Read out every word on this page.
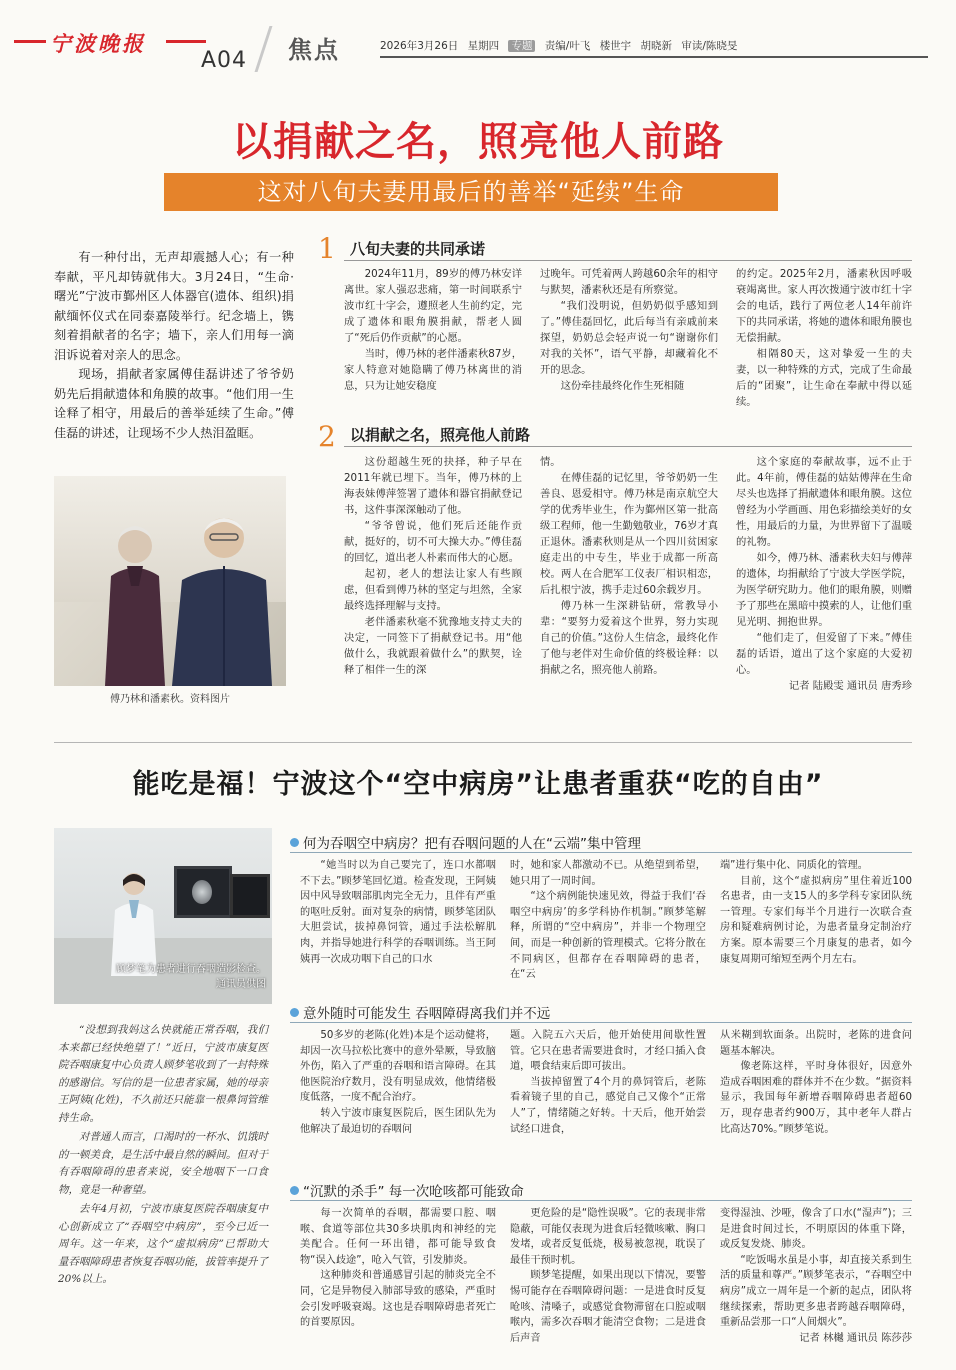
宁波晚报
A04 焦点	2026年3月26日 星期四 专题 责编/叶飞 楼世宇 胡晓新 审读/陈晓旻
以捐献之名，照亮他人前路
这对八旬夫妻用最后的善举“延续”生命

有一种付出，无声却震撼人心；有一种奉献，平凡却铸就伟大。3月24日，“生命·曙光”宁波市鄞州区人体器官(遗体、组织)捐献缅怀仪式在同泰嘉陵举行。纪念墙上，镌刻着捐献者的名字；墙下，亲人们用每一滴泪诉说着对亲人的思念。

现场，捐献者家属傅佳磊讲述了爷爷奶奶先后捐献遗体和角膜的故事。“他们用一生诠释了相守，用最后的善举延续了生命。”傅佳磊的讲述，让现场不少人热泪盈眶。

傅乃林和潘素秋。资料图片
1 八旬夫妻的共同承诺

2024年11月，89岁的傅乃林安详离世。家人强忍悲痛，第一时间联系宁波市红十字会，遵照老人生前约定，完成了遗体和眼角膜捐献，帮老人圆了“死后仍作贡献”的心愿。

当时，傅乃林的老伴潘素秋87岁，家人特意对她隐瞒了傅乃林离世的消息，只为让她安稳度

过晚年。可凭着两人跨越60余年的相守与默契，潘素秋还是有所察觉。

“我们没明说，但奶奶似乎感知到了。”傅佳磊回忆，此后每当有亲戚前来探望，奶奶总会轻声说一句“谢谢你们对我的关怀”，语气平静，却藏着化不开的思念。

这份牵挂最终化作生死相随

的约定。2025年2月，潘素秋因呼吸衰竭离世。家人再次拨通宁波市红十字会的电话，践行了两位老人14年前许下的共同承诺，将她的遗体和眼角膜也无偿捐献。

相隔80天，这对挚爱一生的夫妻，以一种特殊的方式，完成了生命最后的“团聚”，让生命在奉献中得以延续。

2 以捐献之名，照亮他人前路

这份超越生死的抉择，种子早在2011年就已埋下。当年，傅乃林的上海表妹傅萍签署了遗体和器官捐献登记书，这件事深深触动了他。

“爷爷曾说，他们死后还能作贡献，挺好的，切不可大操大办。”傅佳磊的回忆，道出老人朴素而伟大的心愿。

起初，老人的想法让家人有些顾虑，但看到傅乃林的坚定与坦然，全家最终选择理解与支持。

老伴潘素秋毫不犹豫地支持丈夫的决定，一同签下了捐献登记书。用“他做什么，我就跟着做什么”的默契，诠释了相伴一生的深

情。

在傅佳磊的记忆里，爷爷奶奶一生善良、恩爱相守。傅乃林是南京航空大学的优秀毕业生，作为鄞州区第一批高级工程师，他一生勤勉敬业，76岁才真正退休。潘素秋则是从一个四川贫困家庭走出的中专生，毕业于成都一所高校。两人在合肥军工仪表厂相识相恋，后扎根宁波，携手走过60余载岁月。

傅乃林一生深耕钻研，常教导小辈：“要努力爱着这个世界，努力实现自己的价值。”这份人生信念，最终化作了他与老伴对生命价值的终极诠释：以捐献之名，照亮他人前路。

这个家庭的奉献故事，远不止于此。4年前，傅佳磊的姑姑傅萍在生命尽头也选择了捐献遗体和眼角膜。这位曾经为小学画画、用色彩描绘美好的女性，用最后的力量，为世界留下了温暖的礼物。

如今，傅乃林、潘素秋夫妇与傅萍的遗体，均捐献给了宁波大学医学院，为医学研究助力。他们的眼角膜，则赠予了那些在黑暗中摸索的人，让他们重见光明、拥抱世界。

“他们走了，但爱留了下来。”傅佳磊的话语，道出了这个家庭的大爱初心。

记者 陆殿雯 通讯员 唐秀珍

能吃是福！宁波这个“空中病房”让患者重获“吃的自由”
顾梦笔为患者进行吞咽造影检查。
通讯员供图

“没想到我妈这么快就能正常吞咽，我们本来都已经快绝望了！”近日，宁波市康复医院吞咽康复中心负责人顾梦笔收到了一封特殊的感谢信。写信的是一位患者家属，她的母亲王阿姨(化姓)，不久前还只能靠一根鼻饲管维持生命。

对普通人而言，口渴时的一杯水、饥饿时的一顿美食，是生活中最自然的瞬间。但对于有吞咽障碍的患者来说，安全地咽下一口食物，竟是一种奢望。

去年4月初，宁波市康复医院吞咽康复中心创新成立了“吞咽空中病房”，至今已近一周年。这一年来，这个“虚拟病房”已帮助大量吞咽障碍患者恢复吞咽功能，拔管率提升了20%以上。

何为吞咽空中病房？把有吞咽问题的人在“云端”集中管理

“她当时以为自己要完了，连口水都咽不下去。”顾梦笔回忆道。检查发现，王阿姨因中风导致咽部肌肉完全无力，且伴有严重的呕吐反射。面对复杂的病情，顾梦笔团队大胆尝试，拔掉鼻饲管，通过手法松解肌肉，并指导她进行科学的吞咽训练。当王阿姨再一次成功咽下自己的口水

时，她和家人都激动不已。从绝望到希望，她只用了一周时间。

“这个病例能快速见效，得益于我们‘吞咽空中病房’的多学科协作机制。”顾梦笔解释，所谓的“空中病房”，并非一个物理空间，而是一种创新的管理模式。它将分散在不同病区，但都存在吞咽障碍的患者，在“云

端”进行集中化、同质化的管理。

目前，这个“虚拟病房”里住着近100名患者，由一支15人的多学科专家团队统一管理。专家们每半个月进行一次联合查房和疑难病例讨论，为患者量身定制治疗方案。原本需要三个月康复的患者，如今康复周期可缩短至两个月左右。

意外随时可能发生 吞咽障碍离我们并不远

50多岁的老陈(化姓)本是个运动健将，却因一次马拉松比赛中的意外晕厥，导致脑外伤，陷入了严重的吞咽和语言障碍。在其他医院治疗数月，没有明显成效，他情绪极度低落，一度不配合治疗。

转入宁波市康复医院后，医生团队先为他解决了最迫切的吞咽问

题。入院五六天后，他开始使用间歇性置管。它只在患者需要进食时，才经口插入食道，喂食结束后即可拔出。

当拔掉留置了4个月的鼻饲管后，老陈看着镜子里的自己，感觉自己又像个“正常人”了，情绪随之好转。十天后，他开始尝试经口进食，

从米糊到软面条。出院时，老陈的进食问题基本解决。

像老陈这样，平时身体很好，因意外造成吞咽困难的群体并不在少数。“据资料显示，我国每年新增吞咽障碍患者超60万，现存患者约900万，其中老年人群占比高达70%。”顾梦笔说。

“沉默的杀手” 每一次呛咳都可能致命

每一次简单的吞咽，都需要口腔、咽喉、食道等部位共30多块肌肉和神经的完美配合。任何一环出错，都可能导致食物“误入歧途”，呛入气管，引发肺炎。

这种肺炎和普通感冒引起的肺炎完全不同，它是异物侵入肺部导致的感染，严重时会引发呼吸衰竭。这也是吞咽障碍患者死亡的首要原因。

更危险的是“隐性误吸”。它的表现非常隐蔽，可能仅表现为进食后轻微咳嗽、胸口发堵，或者反复低烧，极易被忽视，耽误了最佳干预时机。

顾梦笔提醒，如果出现以下情况，要警惕可能存在吞咽障碍问题：一是进食时反复呛咳、清嗓子，或感觉食物滞留在口腔或咽喉内，需多次吞咽才能清空食物；二是进食后声音

变得湿浊、沙哑，像含了口水(“湿声”)；三是进食时间过长，不明原因的体重下降，或反复发烧、肺炎。

“吃饭喝水虽是小事，却直接关系到生活的质量和尊严。”顾梦笔表示，“吞咽空中病房”成立一周年是一个新的起点，团队将继续探索，帮助更多患者跨越吞咽障碍，重新品尝那一口“人间烟火”。

记者 林樾 通讯员 陈莎莎
